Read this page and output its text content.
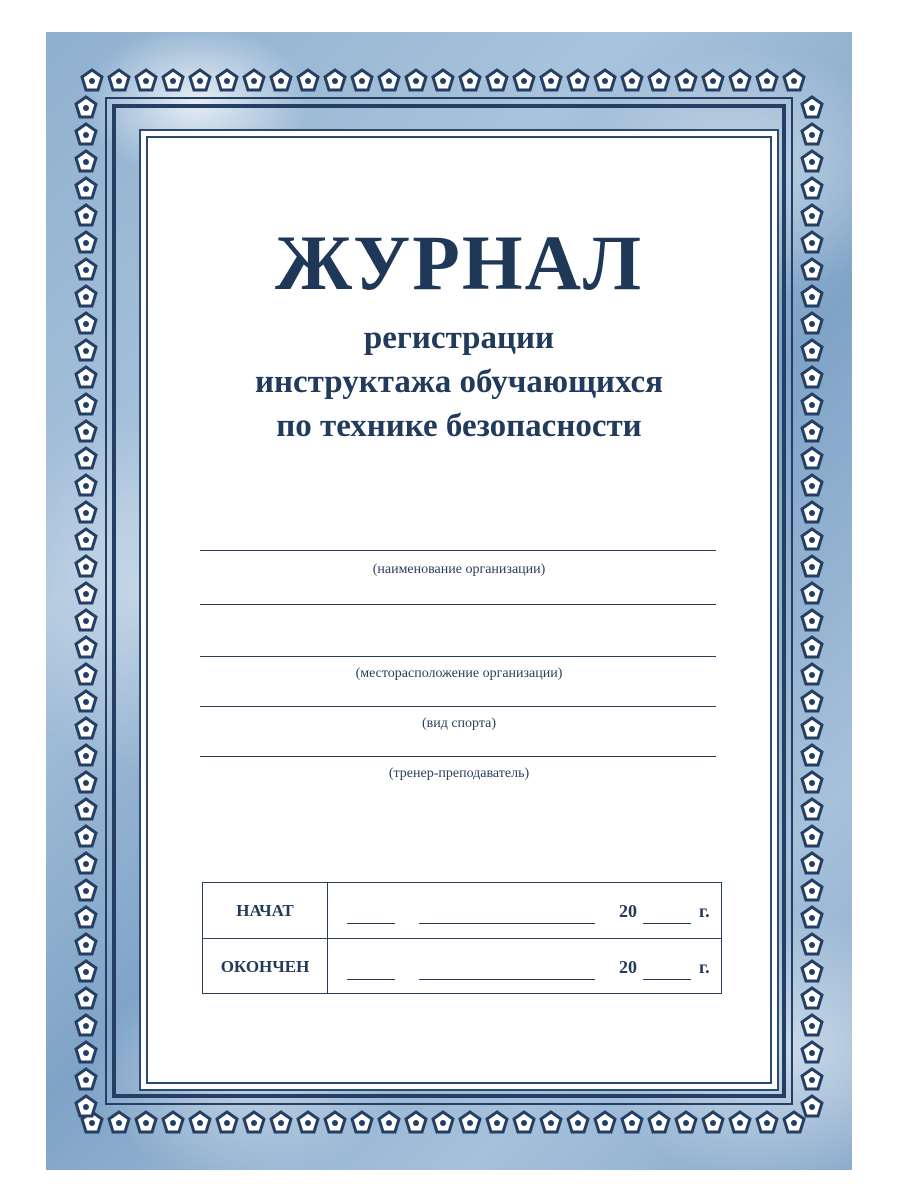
ЖУРНАЛ

регистрации

инструктажа обучающихся

по технике безопасности

(наименование организации)
(месторасположение организации)
(вид спорта)
(тренер-преподаватель)
НАЧАТ	20	г.
ОКОНЧЕН	20	г.
